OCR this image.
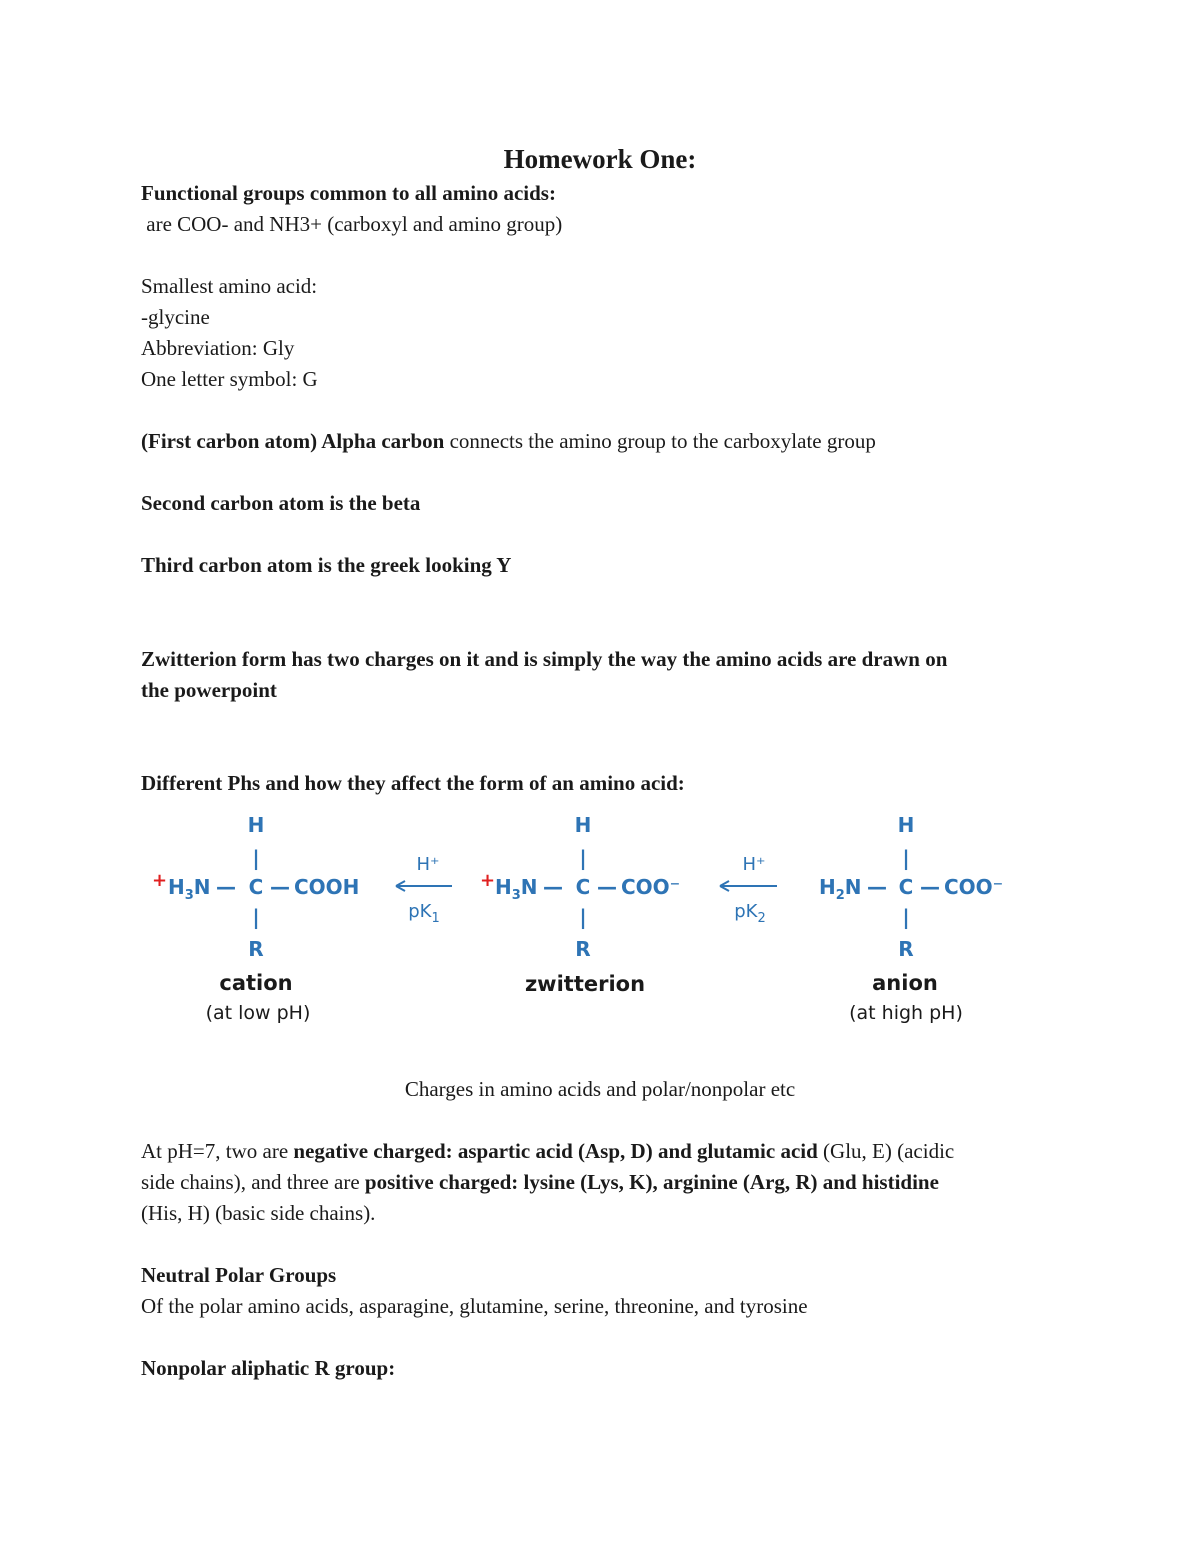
Homework One:
Functional groups common to all amino acids:
are COO- and NH3+ (carboxyl and amino group)
Smallest amino acid:
-glycine
Abbreviation: Gly
One letter symbol: G
(First carbon atom) Alpha carbon connects the amino group to the carboxylate group
Second carbon atom is the beta
Third carbon atom is the greek looking Y
Zwitterion form has two charges on it and is simply the way the amino acids are drawn on
the powerpoint
Different Phs and how they affect the form of an amino acid:
H
|
+ $H_3N$ — C — COOH
|
R
cation
(at low pH)
H⁺
$pK_1$
H
|
+ $H_3N$ — C — COO⁻
|
R
zwitterion
H⁺
$pK_2$
H
|
$H_2N$ — C — COO⁻
|
R
anion
(at high pH)
Charges in amino acids and polar/nonpolar etc
At pH=7, two are negative charged: aspartic acid (Asp, D) and glutamic acid (Glu, E) (acidic
side chains), and three are positive charged: lysine (Lys, K), arginine (Arg, R) and histidine
(His, H) (basic side chains).
Neutral Polar Groups
Of the polar amino acids, asparagine, glutamine, serine, threonine, and tyrosine
Nonpolar aliphatic R group:
